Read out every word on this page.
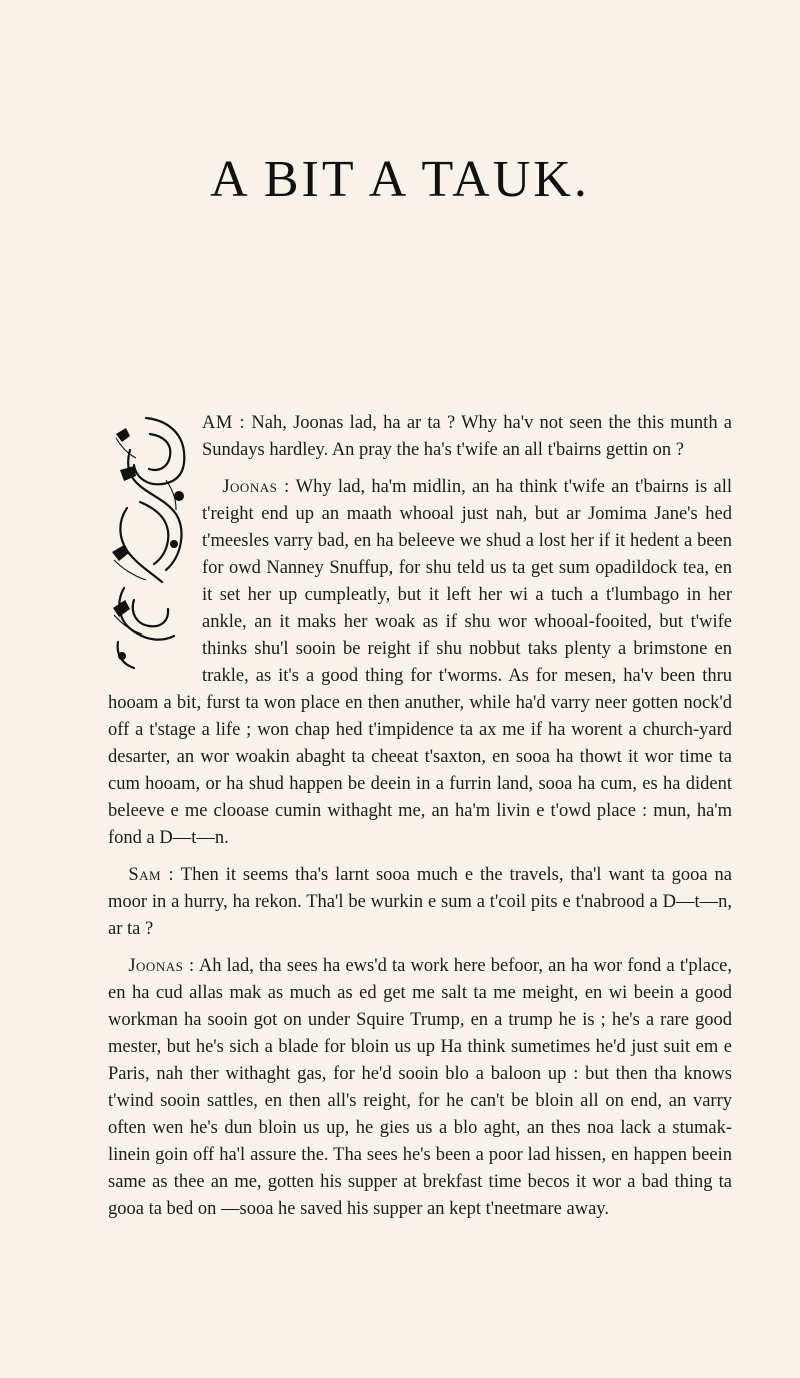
A BIT A TAUK.

AM : Nah, Joonas lad, ha ar ta ? Why ha'v not seen the this munth a Sundays hardley. An pray the ha's t'wife an all t'bairns gettin on ?

Joonas : Why lad, ha'm midlin, an ha think t'wife an t'bairns is all t'reight end up an maath whooal just nah, but ar Jomima Jane's hed t'meesles varry bad, en ha beleeve we shud a lost her if it hedent a been for owd Nanney Snuffup, for shu teld us ta get sum opadildock tea, en it set her up cumpleatly, but it left her wi a tuch a t'lumbago in her ankle, an it maks her woak as if shu wor whooal-fooited, but t'wife thinks shu'l sooin be reight if shu nobbut taks plenty a brimstone en trakle, as it's a good thing for t'worms. As for mesen, ha'v been thru hooam a bit, furst ta won place en then anuther, while ha'd varry neer gotten nock'd off a t'stage a life ; won chap hed t'impidence ta ax me if ha worent a church-yard desarter, an wor woakin abaght ta cheeat t'saxton, en sooa ha thowt it wor time ta cum hooam, or ha shud happen be deein in a furrin land, sooa ha cum, es ha dident beleeve e me clooase cumin withaght me, an ha'm livin e t'owd place : mun, ha'm fond a D—t—n.

Sam : Then it seems tha's larnt sooa much e the travels, tha'l want ta gooa na moor in a hurry, ha rekon. Tha'l be wurkin e sum a t'coil pits e t'nabrood a D—t—n, ar ta ?

Joonas : Ah lad, tha sees ha ews'd ta work here befoor, an ha wor fond a t'place, en ha cud allas mak as much as ed get me salt ta me meight, en wi beein a good workman ha sooin got on under Squire Trump, en a trump he is ; he's a rare good mester, but he's sich a blade for bloin us up Ha think sumetimes he'd just suit em e Paris, nah ther withaght gas, for he'd sooin blo a baloon up : but then tha knows t'wind sooin sattles, en then all's reight, for he can't be bloin all on end, an varry often wen he's dun bloin us up, he gies us a blo aght, an thes noa lack a stumak-linein goin off ha'l assure the. Tha sees he's been a poor lad hissen, en happen beein same as thee an me, gotten his supper at brekfast time becos it wor a bad thing ta gooa ta bed on —sooa he saved his supper an kept t'neetmare away.
